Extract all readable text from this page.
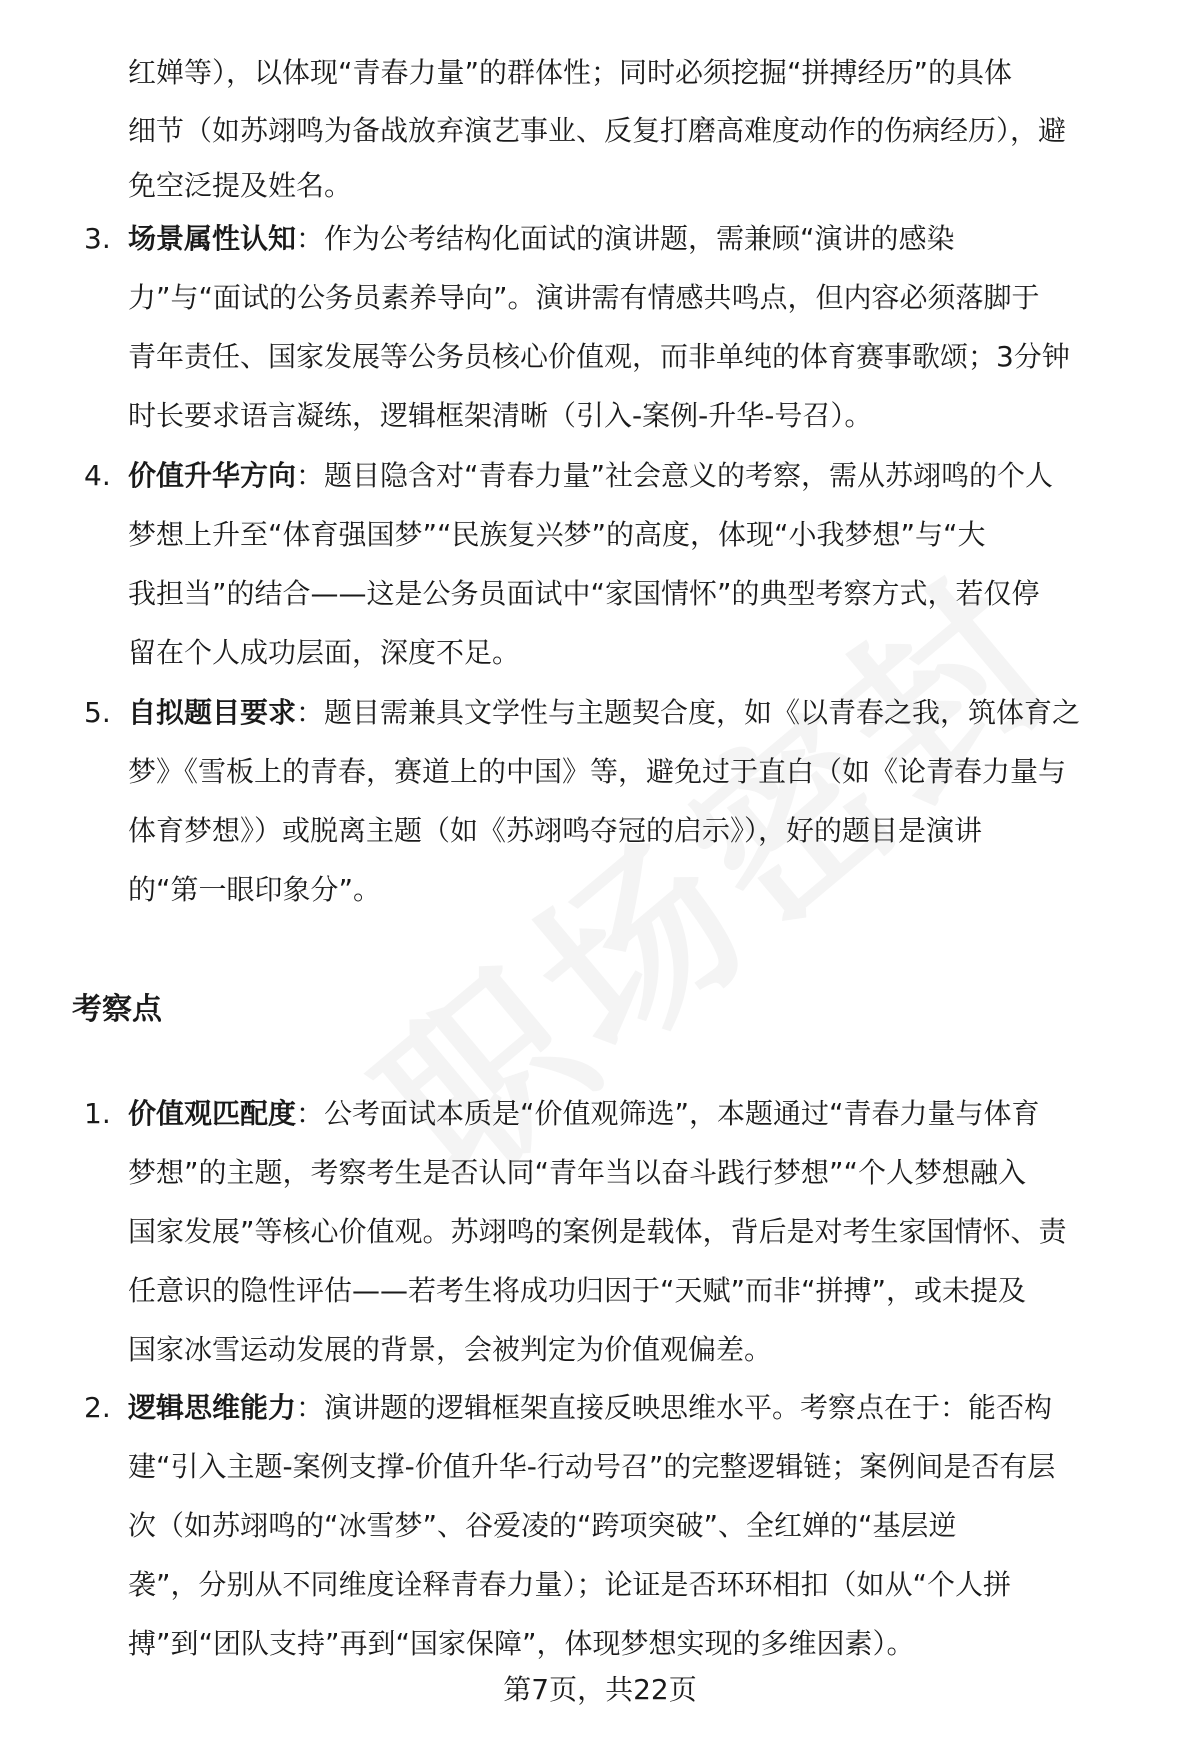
红婵等），以体现“青春力量”的群体性；同时必须挖掘“拼搏经历”的具体
细节（如苏翊鸣为备战放弃演艺事业、反复打磨高难度动作的伤病经历），避
免空泛提及姓名。
3. 场景属性认知：作为公考结构化面试的演讲题，需兼顾“演讲的感染
力”与“面试的公务员素养导向”。演讲需有情感共鸣点，但内容必须落脚于
青年责任、国家发展等公务员核心价值观，而非单纯的体育赛事歌颂；3分钟
时长要求语言凝练，逻辑框架清晰（引入-案例-升华-号召）。
4. 价值升华方向：题目隐含对“青春力量”社会意义的考察，需从苏翊鸣的个人
梦想上升至“体育强国梦”“民族复兴梦”的高度，体现“小我梦想”与“大
我担当”的结合——这是公务员面试中“家国情怀”的典型考察方式，若仅停
留在个人成功层面，深度不足。
5. 自拟题目要求：题目需兼具文学性与主题契合度，如《以青春之我，筑体育之
梦》《雪板上的青春，赛道上的中国》等，避免过于直白（如《论青春力量与
体育梦想》）或脱离主题（如《苏翊鸣夺冠的启示》），好的题目是演讲
的“第一眼印象分”。
考察点
1. 价值观匹配度：公考面试本质是“价值观筛选”，本题通过“青春力量与体育
梦想”的主题，考察考生是否认同“青年当以奋斗践行梦想”“个人梦想融入
国家发展”等核心价值观。苏翊鸣的案例是载体，背后是对考生家国情怀、责
任意识的隐性评估——若考生将成功归因于“天赋”而非“拼搏”，或未提及
国家冰雪运动发展的背景，会被判定为价值观偏差。
2. 逻辑思维能力：演讲题的逻辑框架直接反映思维水平。考察点在于：能否构
建“引入主题-案例支撑-价值升华-行动号召”的完整逻辑链；案例间是否有层
次（如苏翊鸣的“冰雪梦”、谷爱凌的“跨项突破”、全红婵的“基层逆
袭”，分别从不同维度诠释青春力量）；论证是否环环相扣（如从“个人拼
搏”到“团队支持”再到“国家保障”，体现梦想实现的多维因素）。
第7页，共22页
